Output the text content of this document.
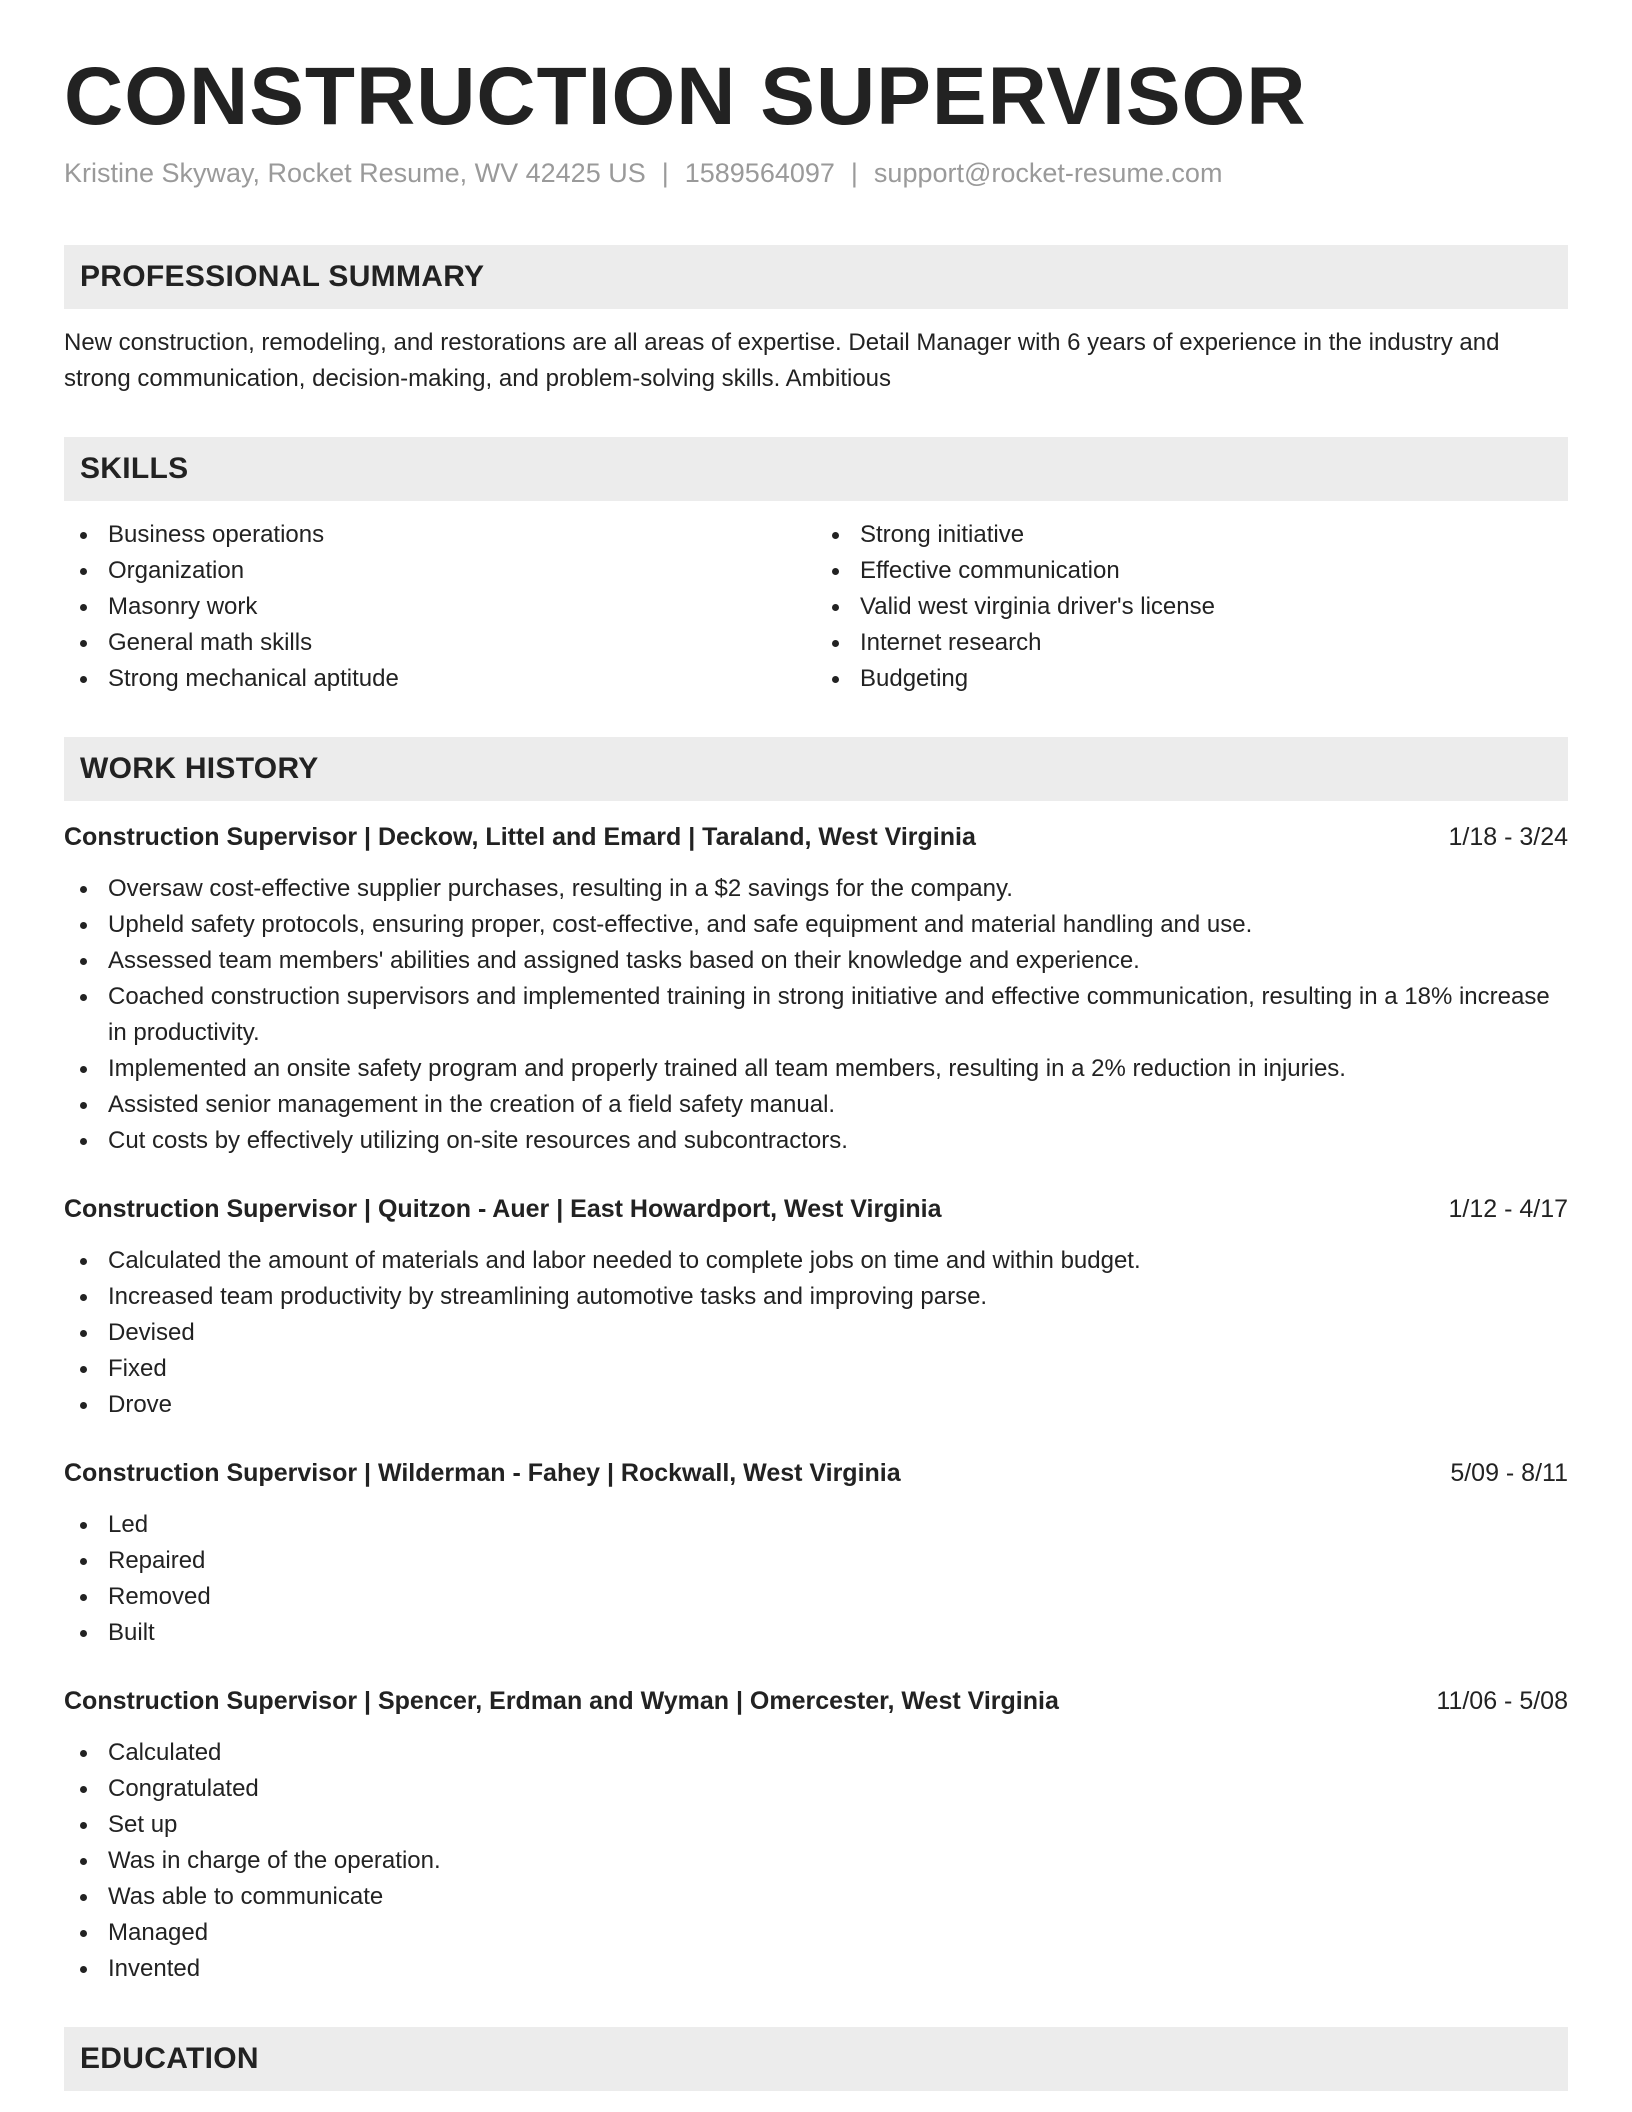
CONSTRUCTION SUPERVISOR
Kristine Skyway, Rocket Resume, WV 42425 US | 1589564097 | support@rocket-resume.com
PROFESSIONAL SUMMARY
New construction, remodeling, and restorations are all areas of expertise. Detail Manager with 6 years of experience in the industry and strong communication, decision-making, and problem-solving skills. Ambitious
SKILLS
Business operations
Organization
Masonry work
General math skills
Strong mechanical aptitude
Strong initiative
Effective communication
Valid west virginia driver's license
Internet research
Budgeting
WORK HISTORY
Construction Supervisor | Deckow, Littel and Emard | Taraland, West Virginia	1/18 - 3/24
Oversaw cost-effective supplier purchases, resulting in a $2 savings for the company.
Upheld safety protocols, ensuring proper, cost-effective, and safe equipment and material handling and use.
Assessed team members' abilities and assigned tasks based on their knowledge and experience.
Coached construction supervisors and implemented training in strong initiative and effective communication, resulting in a 18% increase in productivity.
Implemented an onsite safety program and properly trained all team members, resulting in a 2% reduction in injuries.
Assisted senior management in the creation of a field safety manual.
Cut costs by effectively utilizing on-site resources and subcontractors.
Construction Supervisor | Quitzon - Auer | East Howardport, West Virginia	1/12 - 4/17
Calculated the amount of materials and labor needed to complete jobs on time and within budget.
Increased team productivity by streamlining automotive tasks and improving parse.
Devised
Fixed
Drove
Construction Supervisor | Wilderman - Fahey | Rockwall, West Virginia	5/09 - 8/11
Led
Repaired
Removed
Built
Construction Supervisor | Spencer, Erdman and Wyman | Omercester, West Virginia	11/06 - 5/08
Calculated
Congratulated
Set up
Was in charge of the operation.
Was able to communicate
Managed
Invented
EDUCATION
